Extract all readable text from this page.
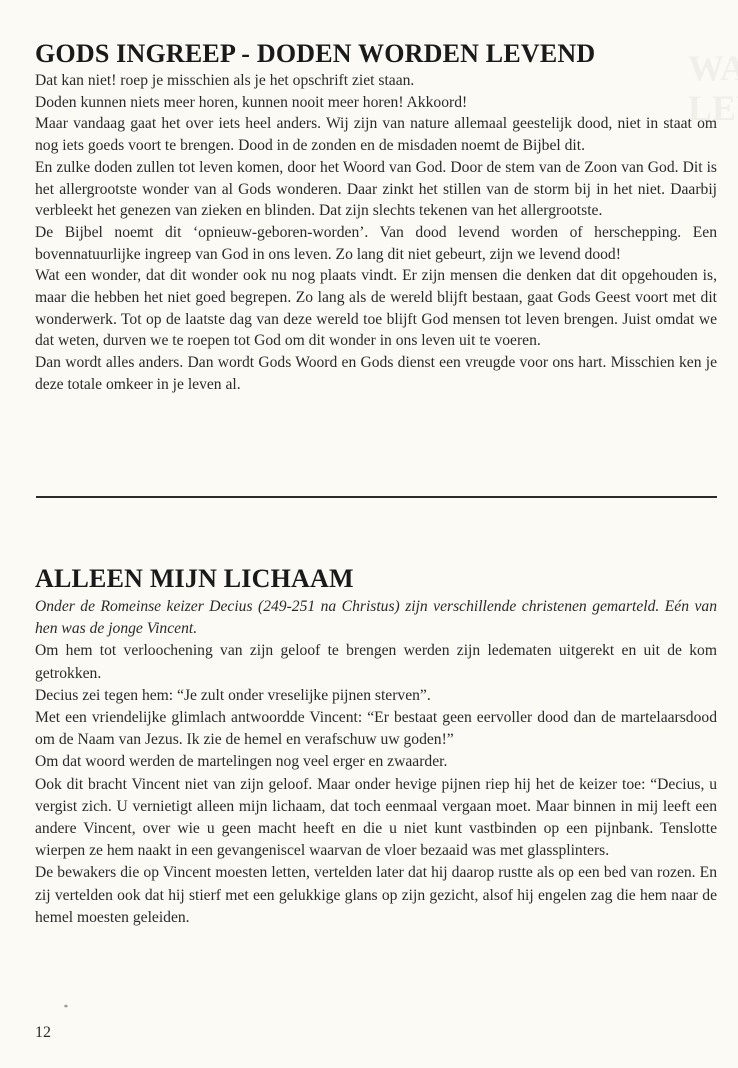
GODS INGREEP - DODEN WORDEN LEVEND

Dat kan niet! roep je misschien als je het opschrift ziet staan.

Doden kunnen niets meer horen, kunnen nooit meer horen! Akkoord!

Maar vandaag gaat het over iets heel anders. Wij zijn van nature allemaal geestelijk dood, niet in staat om nog iets goeds voort te brengen. Dood in de zonden en de misdaden noemt de Bijbel dit.

En zulke doden zullen tot leven komen, door het Woord van God. Door de stem van de Zoon van God. Dit is het allergrootste wonder van al Gods wonderen. Daar zinkt het stillen van de storm bij in het niet. Daarbij verbleekt het genezen van zieken en blinden. Dat zijn slechts tekenen van het allergrootste.

De Bijbel noemt dit ‘opnieuw-geboren-worden’. Van dood levend worden of herschepping. Een bovennatuurlijke ingreep van God in ons leven. Zo lang dit niet gebeurt, zijn we levend dood!

Wat een wonder, dat dit wonder ook nu nog plaats vindt. Er zijn mensen die denken dat dit opgehouden is, maar die hebben het niet goed begrepen. Zo lang als de wereld blijft bestaan, gaat Gods Geest voort met dit wonderwerk. Tot op de laatste dag van deze wereld toe blijft God mensen tot leven brengen. Juist omdat we dat weten, durven we te roepen tot God om dit wonder in ons leven uit te voeren.

Dan wordt alles anders. Dan wordt Gods Woord en Gods dienst een vreugde voor ons hart. Misschien ken je deze totale omkeer in je leven al.

ALLEEN MIJN LICHAAM

Onder de Romeinse keizer Decius (249-251 na Christus) zijn verschillende christenen gemarteld. Eén van hen was de jonge Vincent.

Om hem tot verloochening van zijn geloof te brengen werden zijn ledematen uitgerekt en uit de kom getrokken.

Decius zei tegen hem: “Je zult onder vreselijke pijnen sterven”.

Met een vriendelijke glimlach antwoordde Vincent: “Er bestaat geen eervoller dood dan de martelaarsdood om de Naam van Jezus. Ik zie de hemel en verafschuw uw goden!”

Om dat woord werden de martelingen nog veel erger en zwaarder.

Ook dit bracht Vincent niet van zijn geloof. Maar onder hevige pijnen riep hij het de keizer toe: “Decius, u vergist zich. U vernietigt alleen mijn lichaam, dat toch eenmaal vergaan moet. Maar binnen in mij leeft een andere Vincent, over wie u geen macht heeft en die u niet kunt vastbinden op een pijnbank. Tenslotte wierpen ze hem naakt in een gevangeniscel waarvan de vloer bezaaid was met glassplinters.

De bewakers die op Vincent moesten letten, vertelden later dat hij daarop rustte als op een bed van rozen. En zij vertelden ook dat hij stierf met een gelukkige glans op zijn gezicht, alsof hij engelen zag die hem naar de hemel moesten geleiden.

*
12
